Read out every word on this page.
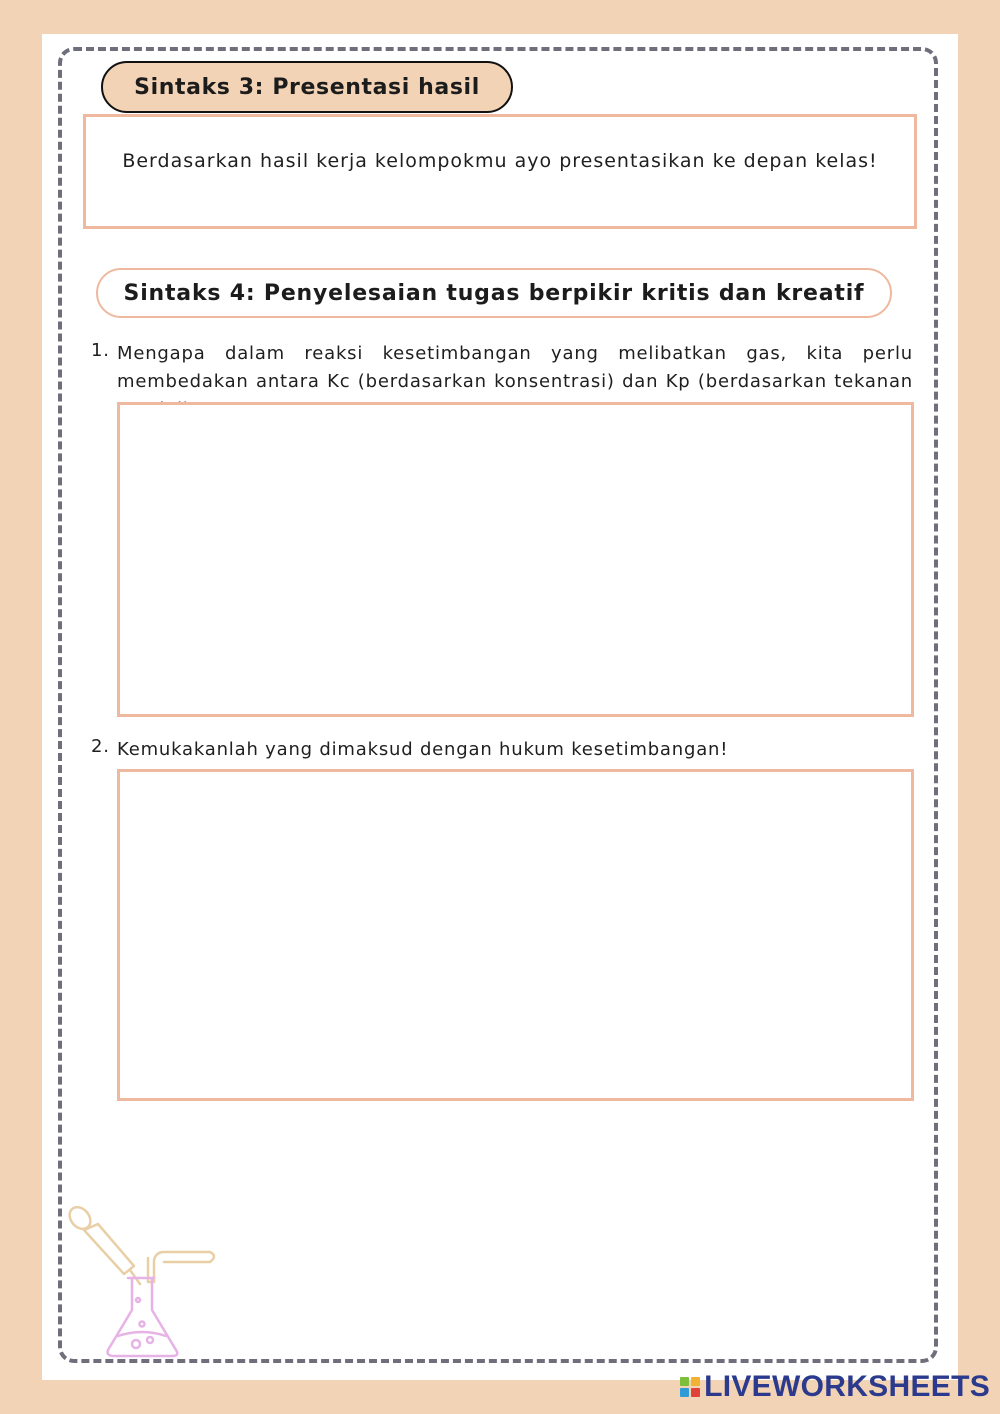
Sintaks 3: Presentasi hasil
Berdasarkan hasil kerja kelompokmu ayo presentasikan ke depan kelas!
Sintaks 4: Penyelesaian tugas berpikir kritis dan kreatif
1. Mengapa dalam reaksi kesetimbangan yang melibatkan gas, kita perlu membedakan antara Kc (berdasarkan konsentrasi) dan Kp (berdasarkan tekanan

2. Kemukakanlah yang dimaksud dengan hukum kesetimbangan!

LIVEWORKSHEETS
